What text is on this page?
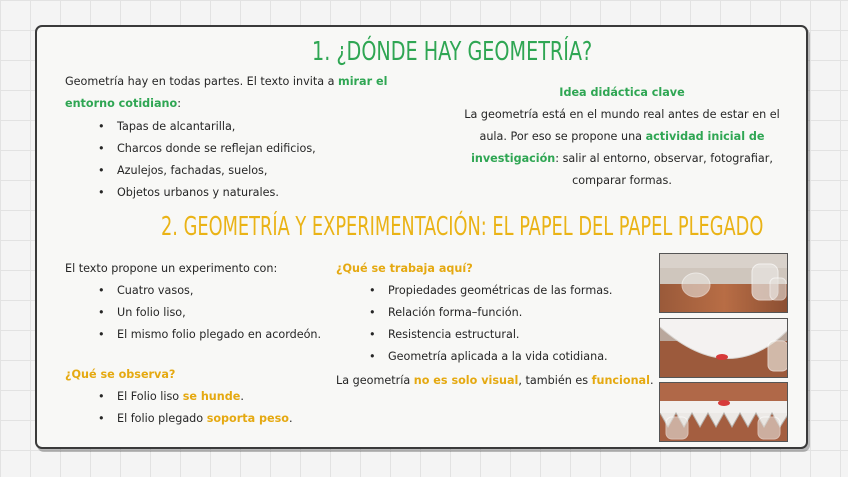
1. ¿DÓNDE HAY GEOMETRÍA?
Geometría hay en todas partes. El texto invita a mirar el
entorno cotidiano:
• Tapas de alcantarilla,
• Charcos donde se reflejan edificios,
• Azulejos, fachadas, suelos,
• Objetos urbanos y naturales.
Idea didáctica clave
La geometría está en el mundo real antes de estar en el
aula. Por eso se propone una actividad inicial de
investigación: salir al entorno, observar, fotografiar,
comparar formas.
2. GEOMETRÍA Y EXPERIMENTACIÓN: EL PAPEL DEL PAPEL PLEGADO
El texto propone un experimento con:
• Cuatro vasos,
• Un folio liso,
• El mismo folio plegado en acordeón.
¿Qué se observa?
• El Folio liso se hunde.
• El folio plegado soporta peso.
¿Qué se trabaja aquí?
• Propiedades geométricas de las formas.
• Relación forma–función.
• Resistencia estructural.
• Geometría aplicada a la vida cotidiana.
La geometría no es solo visual, también es funcional.
